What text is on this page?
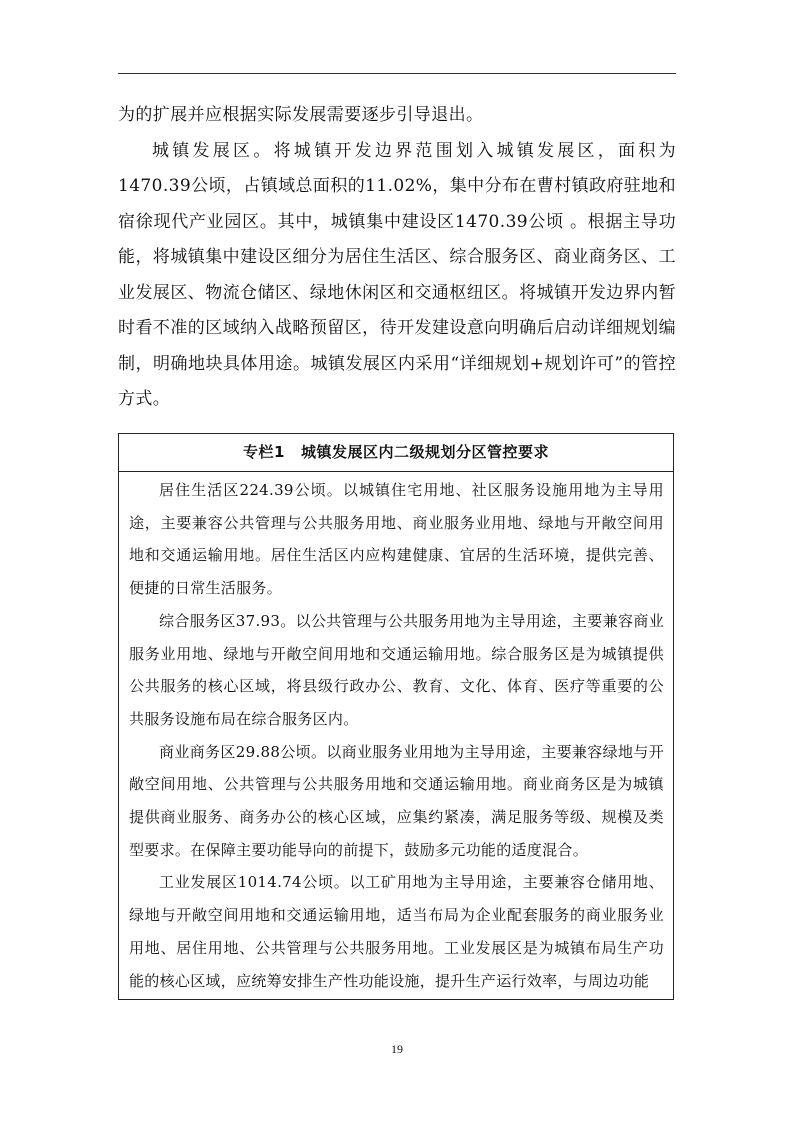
为的扩展并应根据实际发展需要逐步引导退出。

城镇发展区。将城镇开发边界范围划入城镇发展区，面积为1470.39公顷，占镇域总面积的11.02%，集中分布在曹村镇政府驻地和宿徐现代产业园区。其中，城镇集中建设区1470.39公顷 。根据主导功能，将城镇集中建设区细分为居住生活区、综合服务区、商业商务区、工业发展区、物流仓储区、绿地休闲区和交通枢纽区。将城镇开发边界内暂时看不准的区域纳入战略预留区，待开发建设意向明确后启动详细规划编制，明确地块具体用途。城镇发展区内采用“详细规划+规划许可”的管控方式。

专栏1 城镇发展区内二级规划分区管控要求

居住生活区224.39公顷。以城镇住宅用地、社区服务设施用地为主导用途，主要兼容公共管理与公共服务用地、商业服务业用地、绿地与开敞空间用地和交通运输用地。居住生活区内应构建健康、宜居的生活环境，提供完善、便捷的日常生活服务。

综合服务区37.93。以公共管理与公共服务用地为主导用途，主要兼容商业服务业用地、绿地与开敞空间用地和交通运输用地。综合服务区是为城镇提供公共服务的核心区域，将县级行政办公、教育、文化、体育、医疗等重要的公共服务设施布局在综合服务区内。

商业商务区29.88公顷。以商业服务业用地为主导用途，主要兼容绿地与开敞空间用地、公共管理与公共服务用地和交通运输用地。商业商务区是为城镇提供商业服务、商务办公的核心区域，应集约紧凑，满足服务等级、规模及类型要求。在保障主要功能导向的前提下，鼓励多元功能的适度混合。

工业发展区1014.74公顷。以工矿用地为主导用途，主要兼容仓储用地、绿地与开敞空间用地和交通运输用地，适当布局为企业配套服务的商业服务业用地、居住用地、公共管理与公共服务用地。工业发展区是为城镇布局生产功能的核心区域，应统筹安排生产性功能设施，提升生产运行效率，与周边功能

19
